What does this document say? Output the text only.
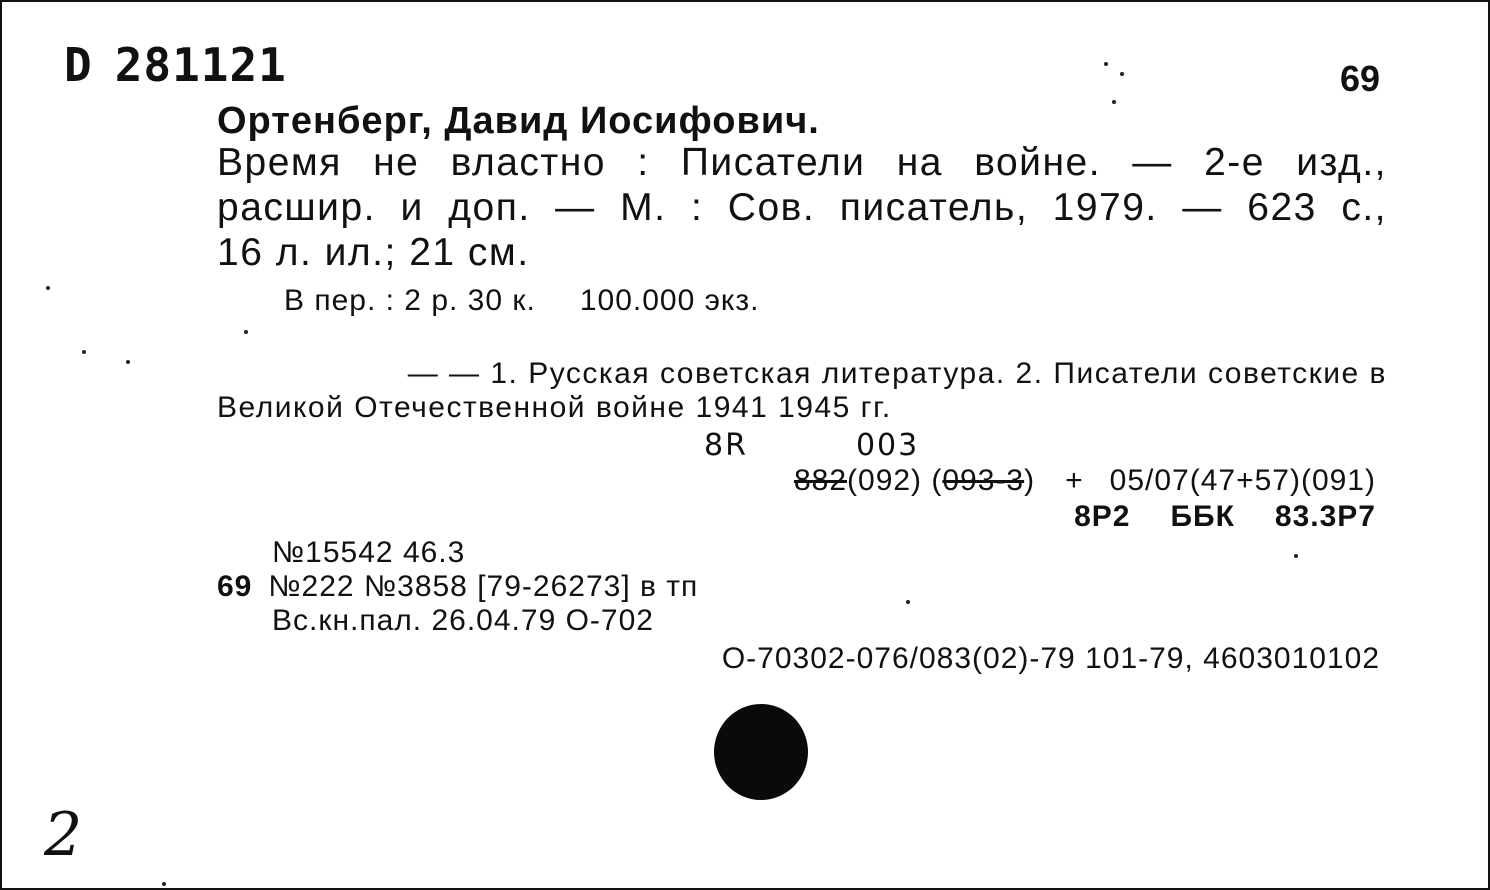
D 281121	69
Ортенберг, Давид Иосифович.
Время не властно : Писатели на войне. — 2-е изд.,
расшир. и доп. — М. : Сов. писатель, 1979. — 623 с.,
16 л. ил.; 21 см.
В пер. : 2 р. 30 к. 100.000 экз.
— — 1. Русская советская литература. 2. Писатели советские в
Великой Отечественной войне 1941 1945 гг.
8R	003
882(092) (093-3) + 05/07(47+57)(091)
8Р2 ББК 83.3Р7
№15542 46.3
69 №222 №3858 [79-26273] в тп
Вс.кн.пал. 26.04.79 О-702
О-70302-076/083(02)-79 101-79, 4603010102
2
